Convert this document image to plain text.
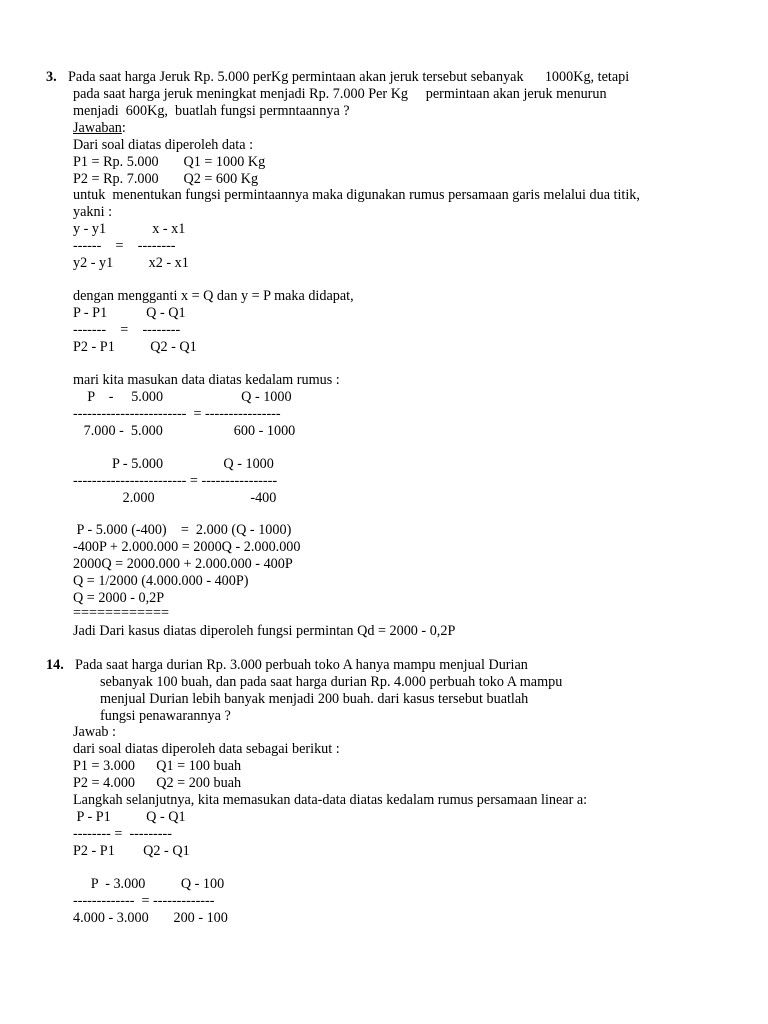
3. Pada saat harga Jeruk Rp. 5.000 perKg permintaan akan jeruk tersebut sebanyak      1000Kg, tetapi

pada saat harga jeruk meningkat menjadi Rp. 7.000 Per Kg     permintaan akan jeruk menurun

menjadi  600Kg,  buatlah fungsi permntaannya ?

Jawaban:

Dari soal diatas diperoleh data :

P1 = Rp. 5.000       Q1 = 1000 Kg

P2 = Rp. 7.000       Q2 = 600 Kg

untuk  menentukan fungsi permintaannya maka digunakan rumus persamaan garis melalui dua titik,

yakni :

y - y1             x - x1

------    =    --------

y2 - y1          x2 - x1

dengan mengganti x = Q dan y = P maka didapat,

P - P1           Q - Q1

-------    =    --------

P2 - P1          Q2 - Q1

mari kita masukan data diatas kedalam rumus :

P    -     5.000                      Q - 1000

------------------------  = ----------------

7.000 -  5.000                    600 - 1000

P - 5.000                 Q - 1000

------------------------ = ----------------

2.000                           -400

P - 5.000 (-400)    =  2.000 (Q - 1000)

-400P + 2.000.000 = 2000Q - 2.000.000

2000Q = 2000.000 + 2.000.000 - 400P

Q = 1/2000 (4.000.000 - 400P)

Q = 2000 - 0,2P

============

Jadi Dari kasus diatas diperoleh fungsi permintan Qd = 2000 - 0,2P

14. Pada saat harga durian Rp. 3.000 perbuah toko A hanya mampu menjual Durian

sebanyak 100 buah, dan pada saat harga durian Rp. 4.000 perbuah toko A mampu

menjual Durian lebih banyak menjadi 200 buah. dari kasus tersebut buatlah

fungsi penawarannya ?

Jawab :

dari soal diatas diperoleh data sebagai berikut :

P1 = 3.000      Q1 = 100 buah

P2 = 4.000      Q2 = 200 buah

Langkah selanjutnya, kita memasukan data-data diatas kedalam rumus persamaan linear a:

P - P1          Q - Q1

-------- =  ---------

P2 - P1        Q2 - Q1

P  - 3.000          Q - 100

-------------  = -------------

4.000 - 3.000       200 - 100
